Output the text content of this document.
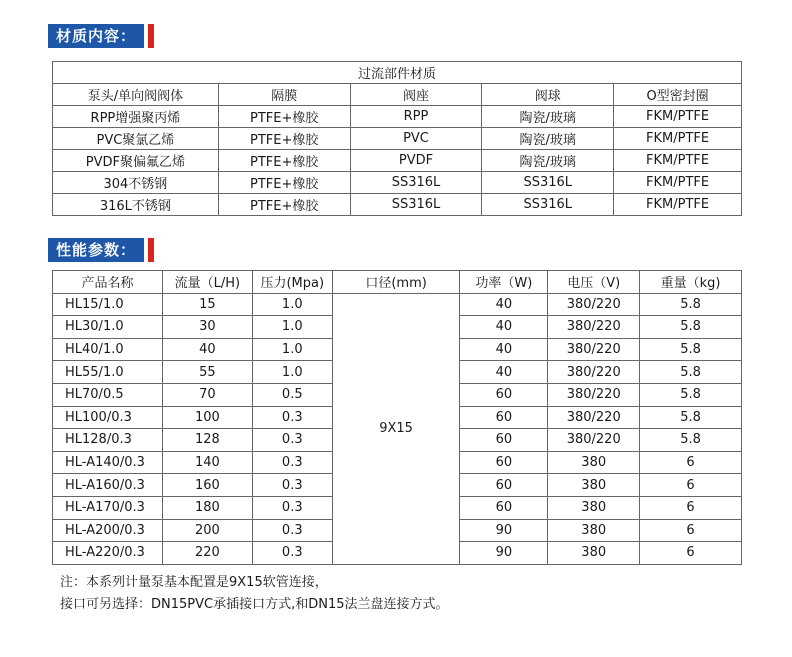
材质内容：
过流部件材质				
泵头/单向阀阀体	隔膜	阀座	阀球	O型密封圈
RPP增强聚丙烯	PTFE+橡胶	RPP	陶瓷/玻璃	FKM/PTFE
PVC聚氯乙烯	PTFE+橡胶	PVC	陶瓷/玻璃	FKM/PTFE
PVDF聚偏氟乙烯	PTFE+橡胶	PVDF	陶瓷/玻璃	FKM/PTFE
304不锈钢	PTFE+橡胶	SS316L	SS316L	FKM/PTFE
316L不锈钢	PTFE+橡胶	SS316L	SS316L	FKM/PTFE
性能参数：
产品名称	流量（L/H)	压力(Mpa)	口径(mm)	功率（W)	电压（V)	重量（kg)
HL15/1.0	15	1.0	9X15	40	380/220	5.8
HL30/1.0	30	1.0		40	380/220	5.8
HL40/1.0	40	1.0		40	380/220	5.8
HL55/1.0	55	1.0		40	380/220	5.8
HL70/0.5	70	0.5		60	380/220	5.8
HL100/0.3	100	0.3		60	380/220	5.8
HL128/0.3	128	0.3		60	380/220	5.8
HL-A140/0.3	140	0.3		60	380	6
HL-A160/0.3	160	0.3		60	380	6
HL-A170/0.3	180	0.3		60	380	6
HL-A200/0.3	200	0.3		90	380	6
HL-A220/0.3	220	0.3		90	380	6
注：本系列计量泵基本配置是9X15软管连接，
接口可另选择：DN15PVC承插接口方式,和DN15法兰盘连接方式。
